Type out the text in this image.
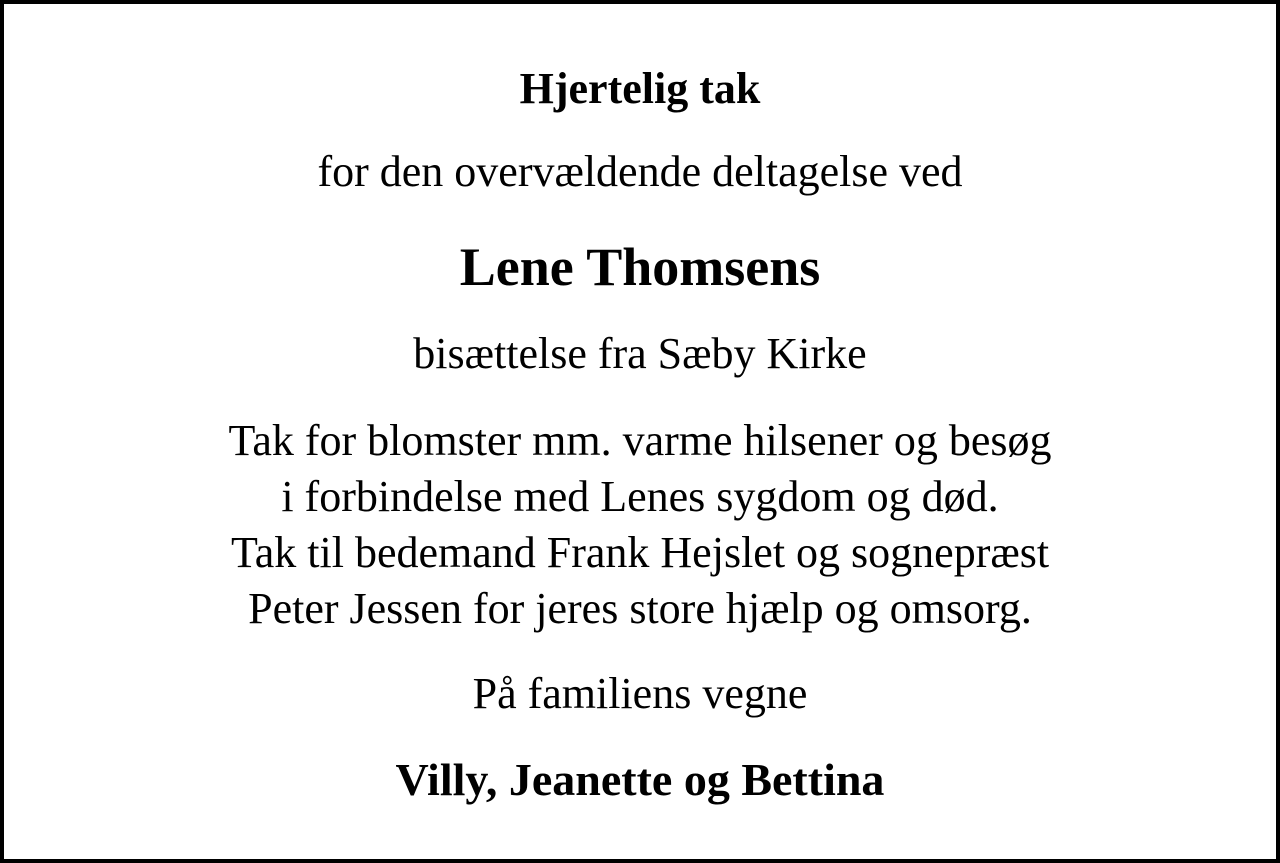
Hjertelig tak

for den overvældende deltagelse ved

Lene Thomsens

bisættelse fra Sæby Kirke

Tak for blomster mm. varme hilsener og besøg
i forbindelse med Lenes sygdom og død.
Tak til bedemand Frank Hejslet og sognepræst
Peter Jessen for jeres store hjælp og omsorg.

På familiens vegne

Villy, Jeanette og Bettina
